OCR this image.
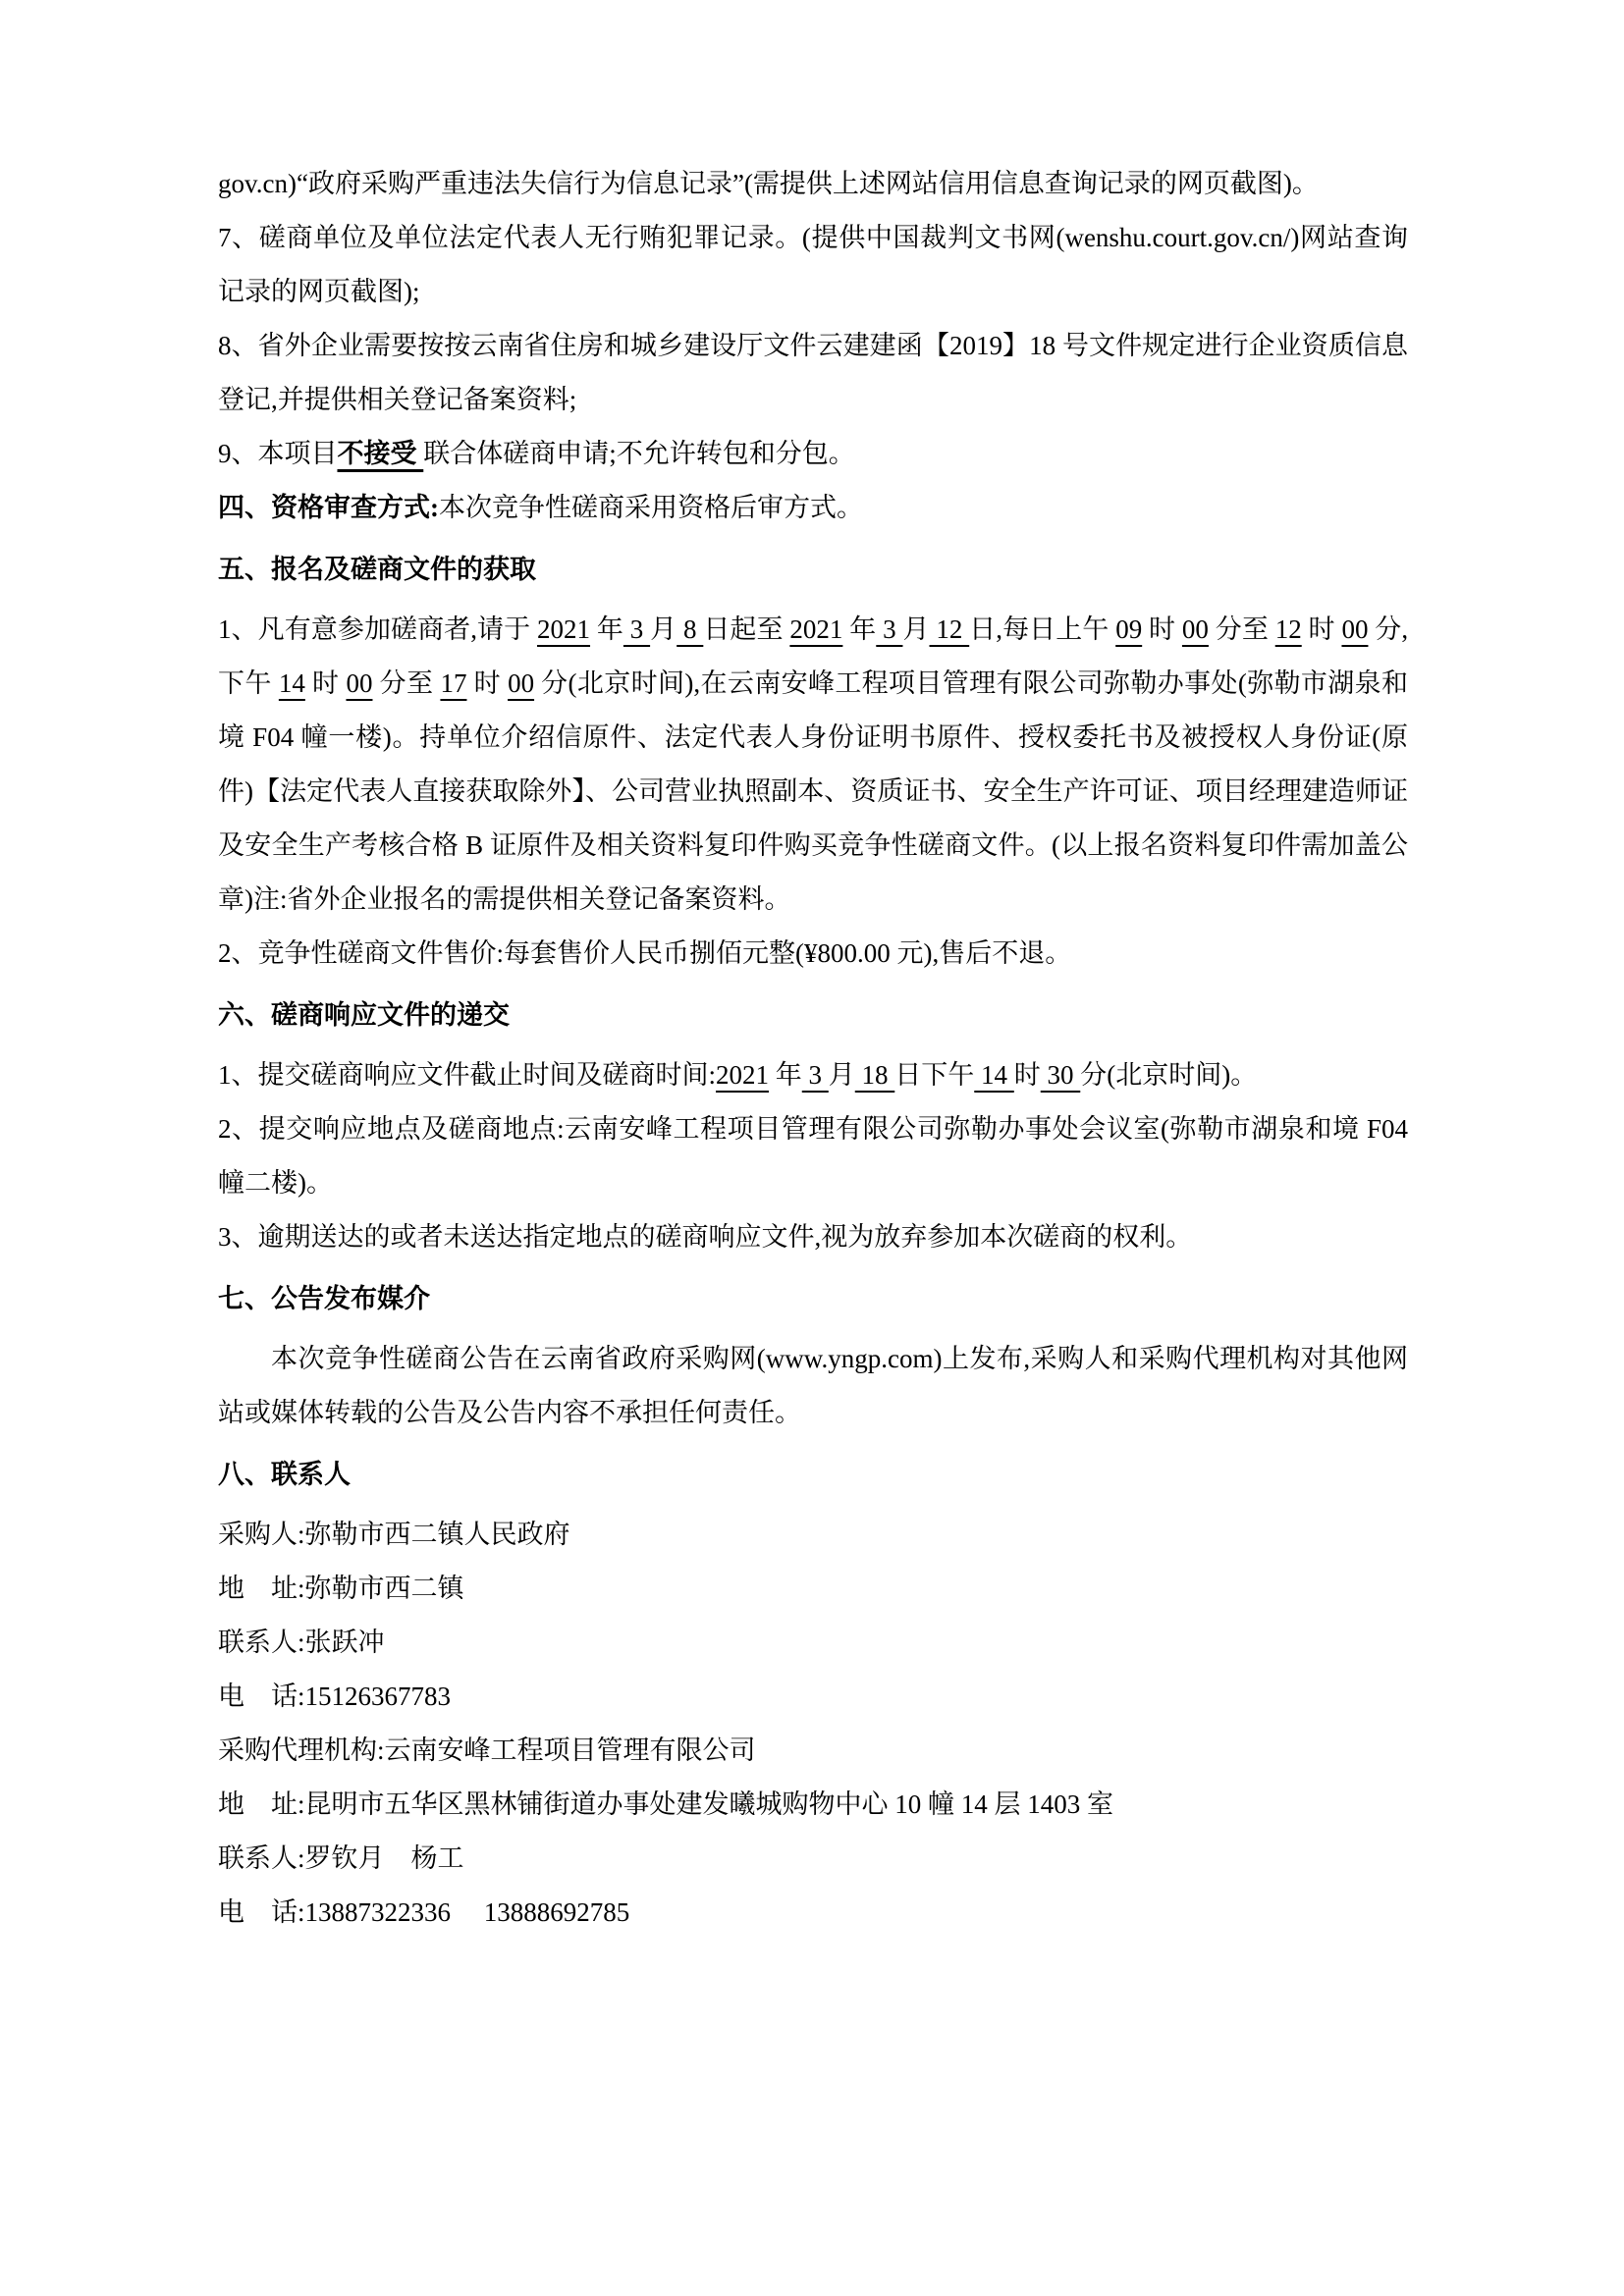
gov.cn)“政府采购严重违法失信行为信息记录”(需提供上述网站信用信息查询记录的网页截图)。

7、磋商单位及单位法定代表人无行贿犯罪记录。(提供中国裁判文书网(wenshu.court.gov.cn/)网站查询记录的网页截图);

8、省外企业需要按按云南省住房和城乡建设厅文件云建建函【2019】18 号文件规定进行企业资质信息登记,并提供相关登记备案资料;

9、本项目不接受 联合体磋商申请;不允许转包和分包。

四、资格审查方式:本次竞争性磋商采用资格后审方式。

五、报名及磋商文件的获取

1、凡有意参加磋商者,请于 2021 年 3 月 8 日起至 2021 年 3 月 12 日,每日上午 09 时 00 分至 12 时 00 分,下午 14 时 00 分至 17 时 00 分(北京时间),在云南安峰工程项目管理有限公司弥勒办事处(弥勒市湖泉和境 F04 幢一楼)。持单位介绍信原件、法定代表人身份证明书原件、授权委托书及被授权人身份证(原件)【法定代表人直接获取除外】、公司营业执照副本、资质证书、安全生产许可证、项目经理建造师证及安全生产考核合格 B 证原件及相关资料复印件购买竞争性磋商文件。(以上报名资料复印件需加盖公章)注:省外企业报名的需提供相关登记备案资料。

2、竞争性磋商文件售价:每套售价人民币捌佰元整(¥800.00 元),售后不退。

六、磋商响应文件的递交

1、提交磋商响应文件截止时间及磋商时间:2021 年 3 月 18 日下午 14 时 30 分(北京时间)。

2、提交响应地点及磋商地点:云南安峰工程项目管理有限公司弥勒办事处会议室(弥勒市湖泉和境 F04 幢二楼)。

3、逾期送达的或者未送达指定地点的磋商响应文件,视为放弃参加本次磋商的权利。

七、公告发布媒介

本次竞争性磋商公告在云南省政府采购网(www.yngp.com)上发布,采购人和采购代理机构对其他网站或媒体转载的公告及公告内容不承担任何责任。

八、联系人

采购人:弥勒市西二镇人民政府

地　址:弥勒市西二镇

联系人:张跃冲

电　话:15126367783

采购代理机构:云南安峰工程项目管理有限公司

地　址:昆明市五华区黑林铺街道办事处建发曦城购物中心 10 幢 14 层 1403 室

联系人:罗钦月　杨工

电　话:13887322336　 13888692785
